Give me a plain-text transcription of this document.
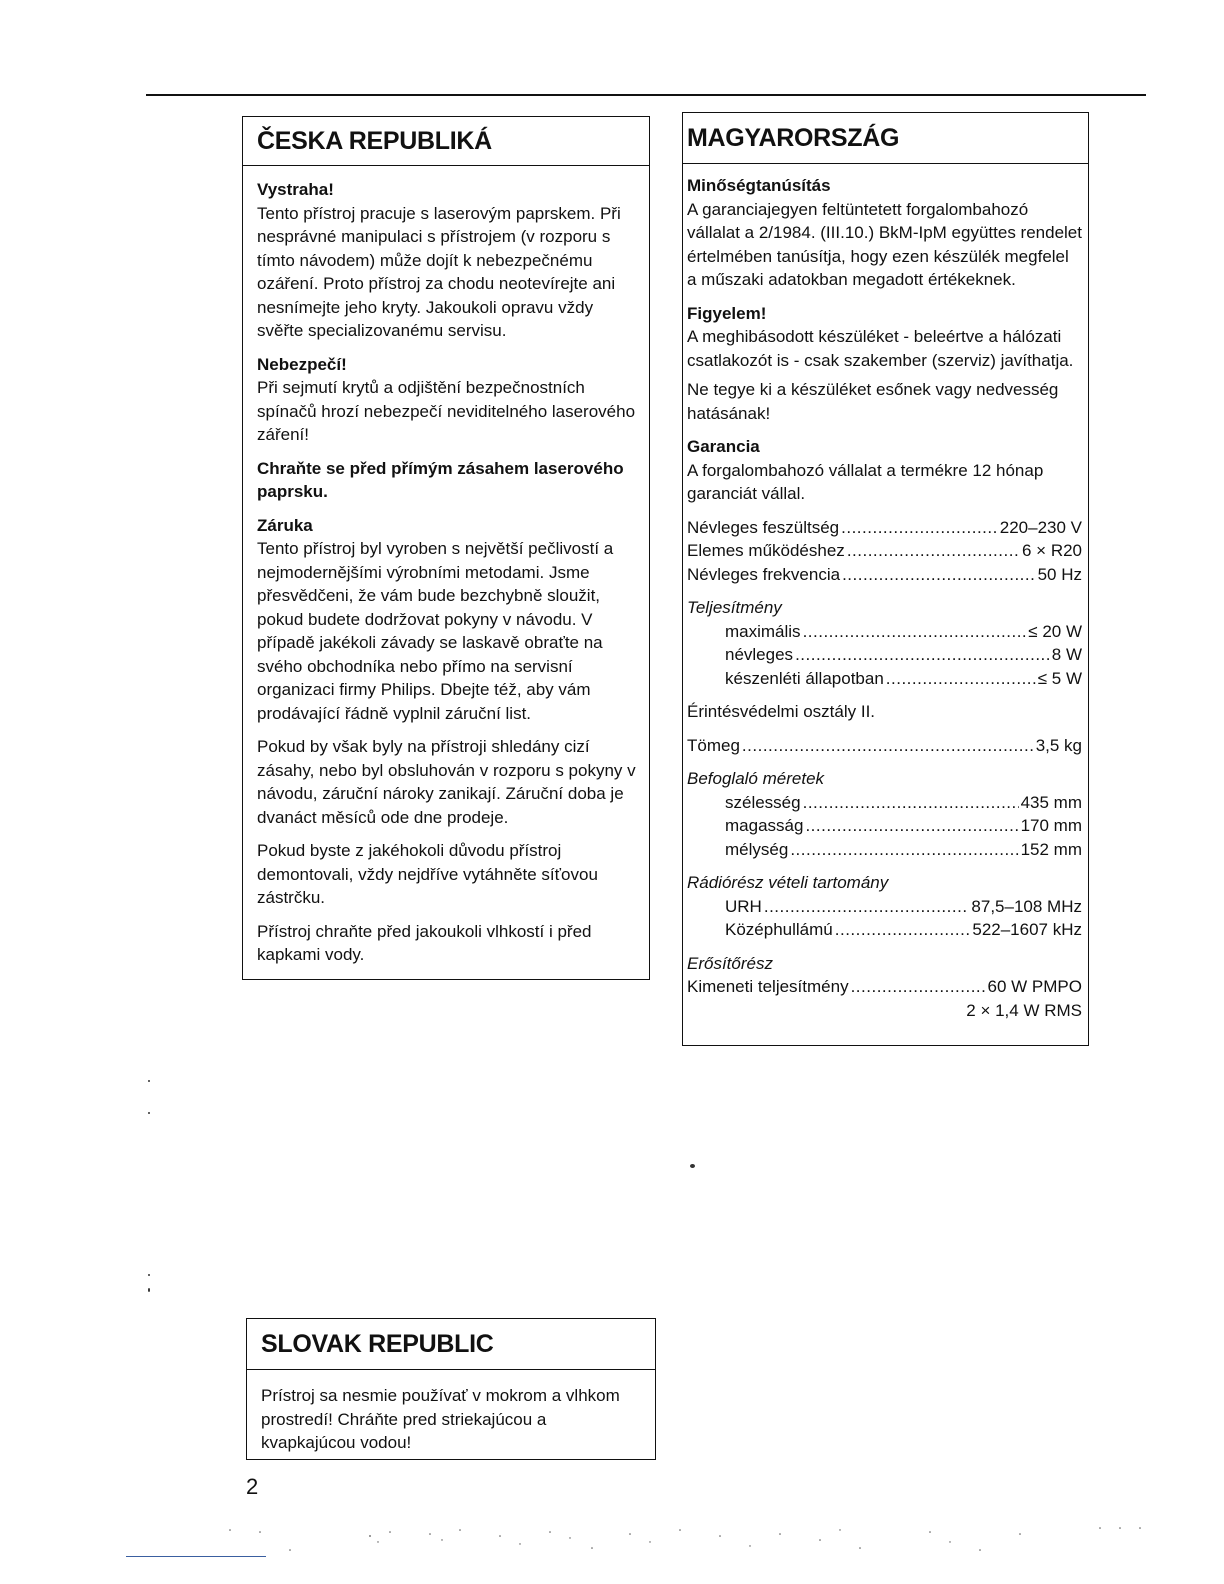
ČESKA REPUBLIKÁ

Vystraha!
Tento přístroj pracuje s laserovým paprskem. Při nesprávné manipulaci s přístrojem (v rozporu s tímto návodem) může dojít k nebezpečnému ozáření. Proto přístroj za chodu neotevírejte ani nesnímejte jeho kryty. Jakoukoli opravu vždy svěřte specializovanému servisu.

Nebezpečí!
Při sejmutí krytů a odjištění bezpečnostních spínačů hrozí nebezpečí neviditelného laserového záření!

Chraňte se před přímým zásahem laserového paprsku.

Záruka
Tento přístroj byl vyroben s největší pečlivostí a nejmodernějšími výrobními metodami. Jsme přesvědčeni, že vám bude bezchybně sloužit, pokud budete dodržovat pokyny v návodu. V případě jakékoli závady se laskavě obraťte na svého obchodníka nebo přímo na servisní organizaci firmy Philips. Dbejte též, aby vám prodávající řádně vyplnil záruční list.

Pokud by však byly na přístroji shledány cizí zásahy, nebo byl obsluhován v rozporu s pokyny v návodu, záruční nároky zanikají. Záruční doba je dvanáct měsíců ode dne prodeje.

Pokud byste z jakéhokoli důvodu přístroj demontovali, vždy nejdříve vytáhněte síťovou zástrčku.

Přístroj chraňte před jakoukoli vlhkostí i před kapkami vody.

MAGYARORSZÁG

Minőségtanúsítás
A garanciajegyen feltüntetett forgalombahozó vállalat a 2/1984. (III.10.) BkM-IpM együttes rendelet értelmében tanúsítja, hogy ezen készülék megfelel a műszaki adatokban megadott értékeknek.

Figyelem!
A meghibásodott készüléket - beleértve a hálózati csatlakozót is - csak szakember (szerviz) javíthatja.

Ne tegye ki a készüléket esőnek vagy nedvesség hatásának!

Garancia
A forgalombahozó vállalat a termékre 12 hónap garanciát vállal.

Névleges feszültség .....	220–230 V
Elemes működéshez .....	6 × R20
Névleges frekvencia .....	50 Hz
Teljesítmény
maximális .....	≤ 20 W
névleges .....	8 W
készenléti állapotban .....	≤ 5 W
Érintésvédelmi osztály II.
Tömeg .....	3,5 kg
Befoglaló méretek
szélesség .....	435 mm
magasság .....	170 mm
mélység .....	152 mm
Rádiórész vételi tartomány
URH .....	87,5–108 MHz
Középhullámú .....	522–1607 kHz
Erősítőrész
Kimeneti teljesítmény .....	60 W PMPO
2 × 1,4 W RMS
SLOVAK REPUBLIC
Prístroj sa nesmie používať v mokrom a vlhkom prostredí! Chráňte pred striekajúcou a kvapkajúcou vodou!
2
